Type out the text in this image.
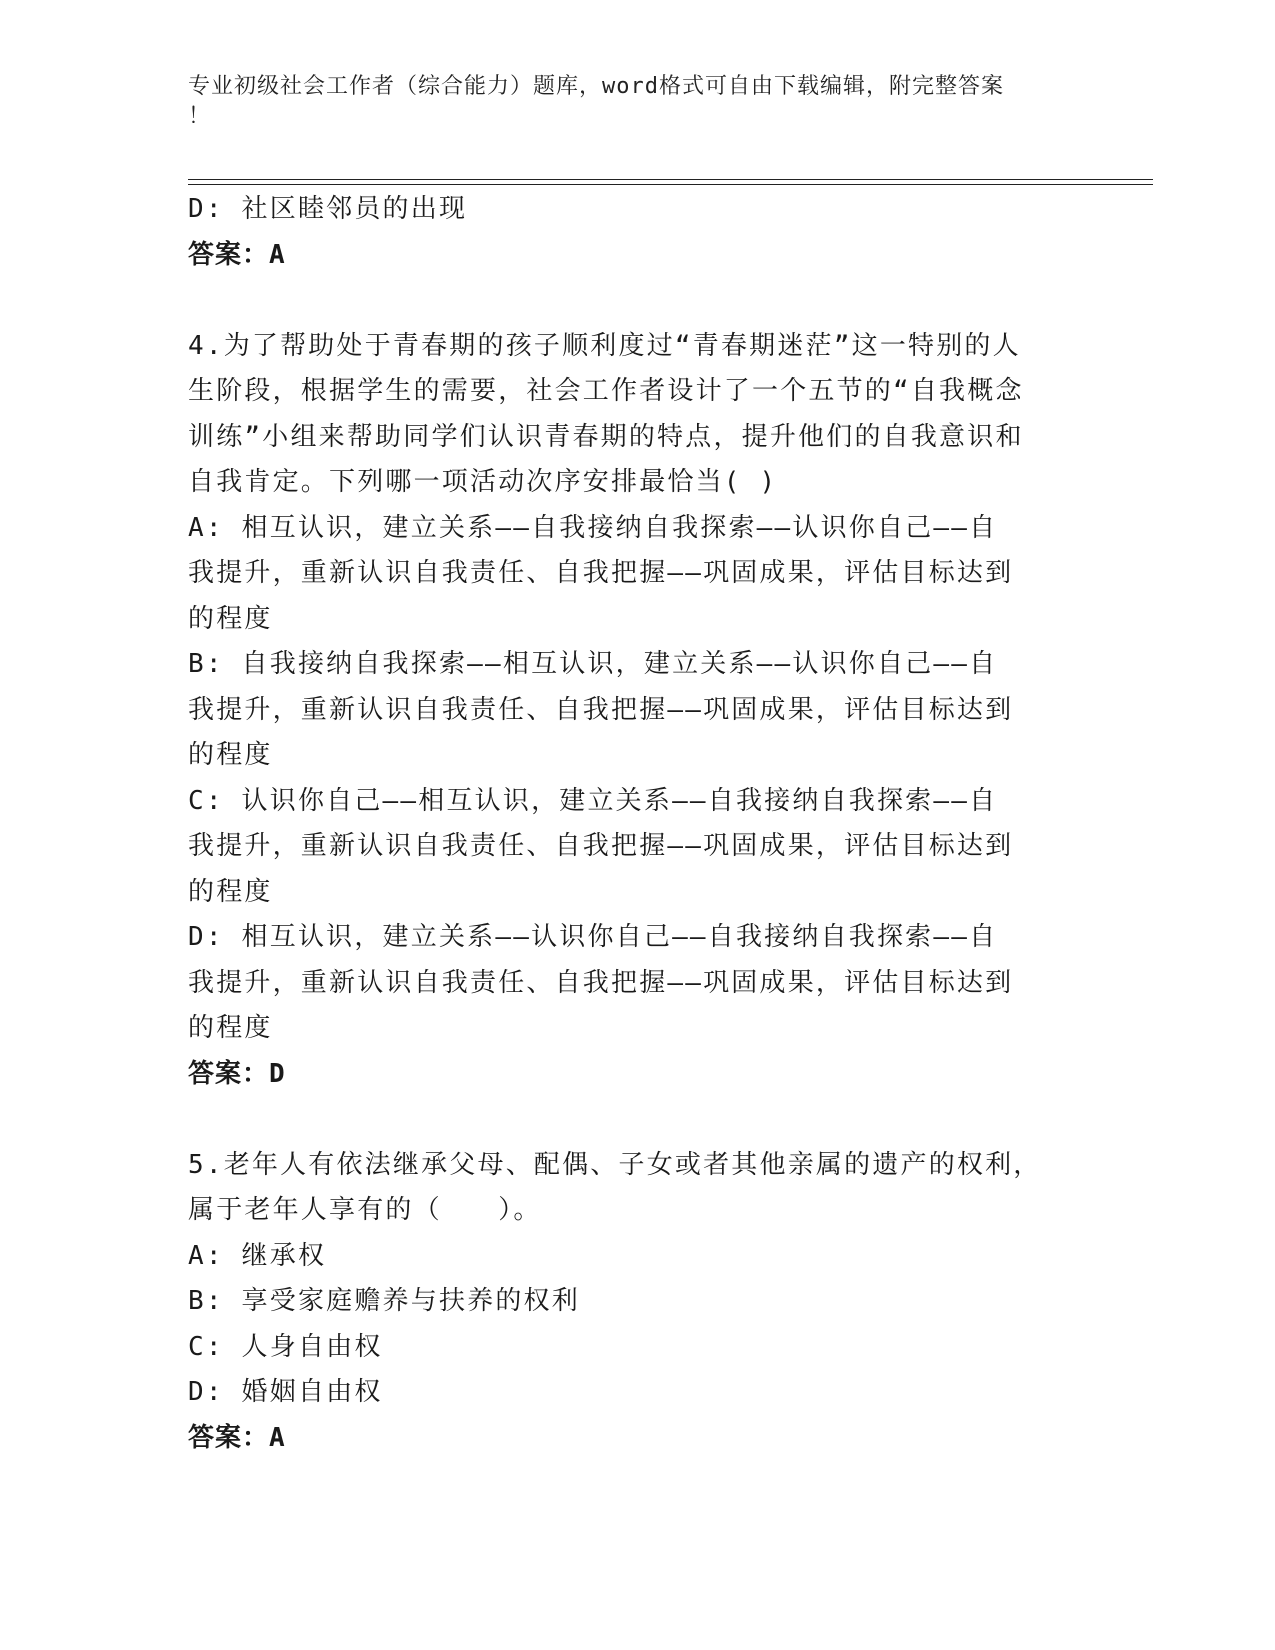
专业初级社会工作者（综合能力）题库，word格式可自由下载编辑，附完整答案
！
D: 社区睦邻员的出现
答案：A
4.为了帮助处于青春期的孩子顺利度过“青春期迷茫”这一特别的人
生阶段，根据学生的需要，社会工作者设计了一个五节的“自我概念
训练”小组来帮助同学们认识青春期的特点，提升他们的自我意识和
自我肯定。下列哪一项活动次序安排最恰当( )
A: 相互认识，建立关系——自我接纳自我探索——认识你自己——自
我提升，重新认识自我责任、自我把握——巩固成果，评估目标达到
的程度
B: 自我接纳自我探索——相互认识，建立关系——认识你自己——自
我提升，重新认识自我责任、自我把握——巩固成果，评估目标达到
的程度
C: 认识你自己——相互认识，建立关系——自我接纳自我探索——自
我提升，重新认识自我责任、自我把握——巩固成果，评估目标达到
的程度
D: 相互认识，建立关系——认识你自己——自我接纳自我探索——自
我提升，重新认识自我责任、自我把握——巩固成果，评估目标达到
的程度
答案：D
5.老年人有依法继承父母、配偶、子女或者其他亲属的遗产的权利，
属于老年人享有的（　　）。
A: 继承权
B: 享受家庭赡养与扶养的权利
C: 人身自由权
D: 婚姻自由权
答案：A
